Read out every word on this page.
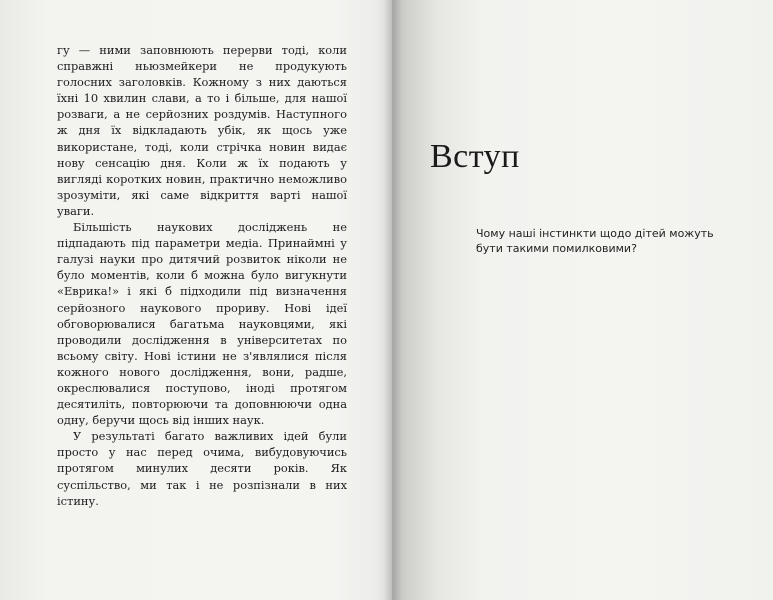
гу — ними заповнюють перерви тоді, коли справжні ньюзмейкери не продукують голосних заголовків. Кожному з них даються їхні 10 хвилин слави, а то і більше, для нашої розваги, а не серйозних роздумів. Наступного ж дня їх відкладають убік, як щось уже використане, тоді, коли стрічка новин видає нову сенсацію дня. Коли ж їх подають у вигляді коротких новин, практично неможливо зрозуміти, які саме відкриття варті нашої уваги.

Більшість наукових досліджень не підпадають під параметри медіа. Принаймні у галузі науки про дитячий розвиток ніколи не було моментів, коли б можна було вигукнути «Еврика!» і які б підходили під визначення серйозного наукового прориву. Нові ідеї обговорювалися багатьма науковцями, які проводили дослідження в університетах по всьому світу. Нові істини не з'являлися після кожного нового дослідження, вони, радше, окреслювалися поступово, іноді протягом десятиліть, повторюючи та доповнюючи одна одну, беручи щось від інших наук.

У результаті багато важливих ідей були просто у нас перед очима, вибудовуючись протягом минулих десяти років. Як суспільство, ми так і не розпізнали в них істину.

Вступ

Чому наші інстинкти щодо дітей можуть бути такими помилковими?
